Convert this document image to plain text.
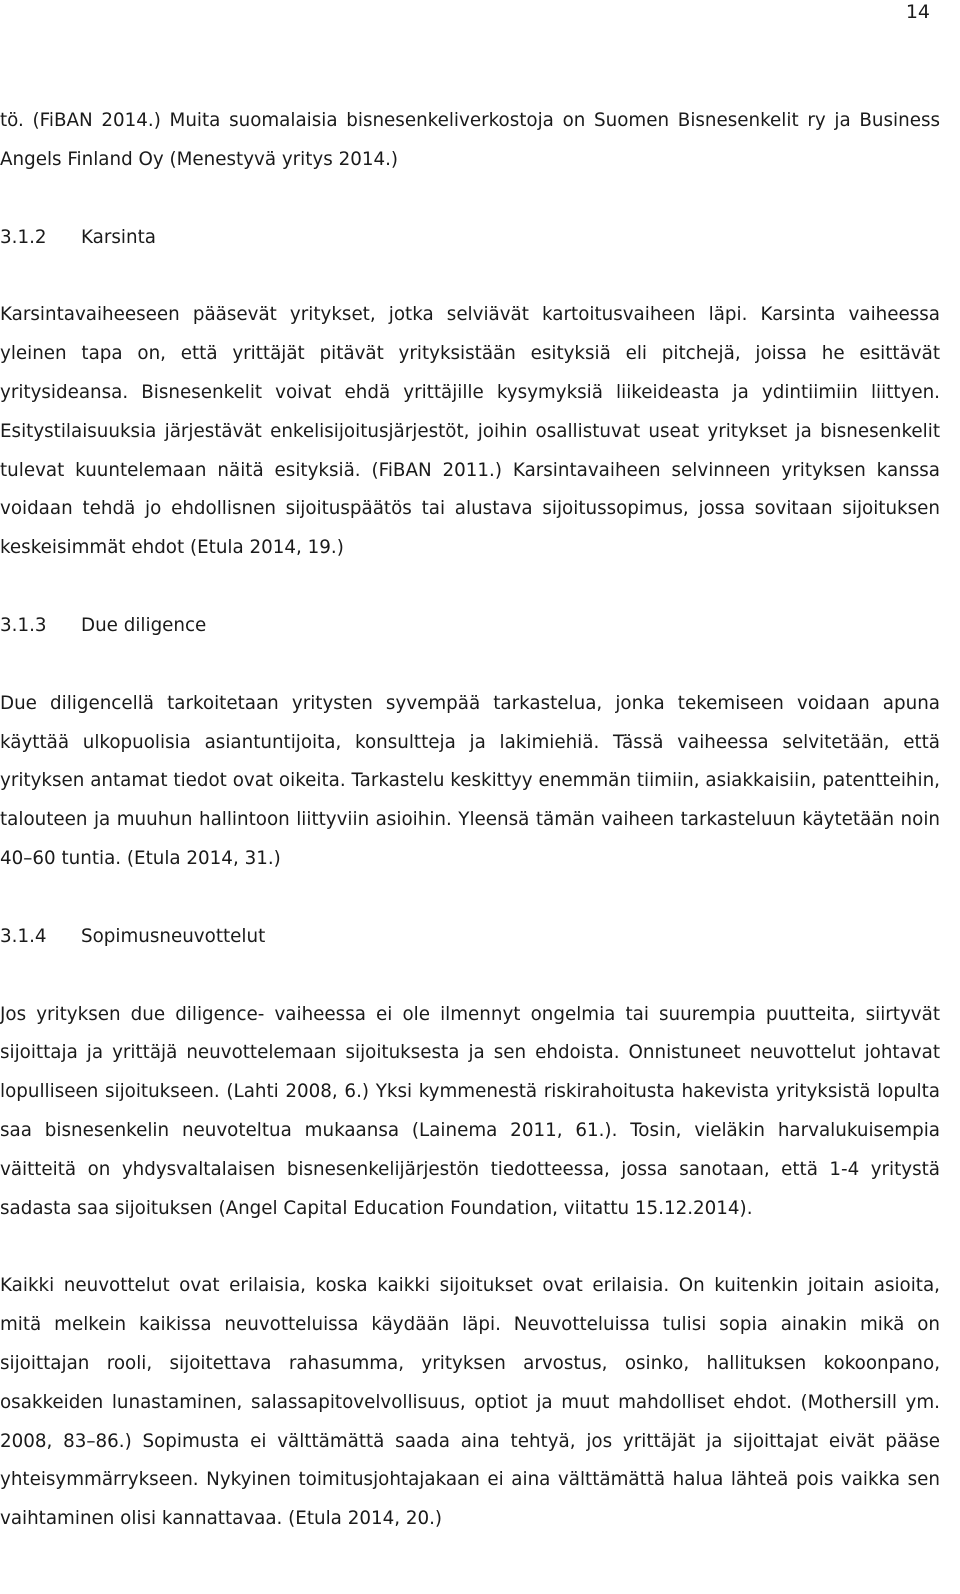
14

tö. (FiBAN 2014.) Muita suomalaisia bisnesenkeliverkostoja on Suomen Bisnesenkelit ry ja Business Angels Finland Oy (Menestyvä yritys 2014.)

3.1.2	Karsinta

Karsintavaiheeseen pääsevät yritykset, jotka selviävät kartoitusvaiheen läpi. Karsinta vaiheessa yleinen tapa on, että yrittäjät pitävät yrityksistään esityksiä eli pitchejä, joissa he esittävät yritysideansa. Bisnesenkelit voivat ehdä yrittäjille kysymyksiä liikeideasta ja ydintiimiin liittyen. Esitystilaisuuksia järjestävät enkelisijoitusjärjestöt, joihin osallistuvat useat yritykset ja bisnesenkelit tulevat kuuntelemaan näitä esityksiä. (FiBAN 2011.) Karsintavaiheen selvinneen yrityksen kanssa voidaan tehdä jo ehdollisnen sijoituspäätös tai alustava sijoitussopimus, jossa sovitaan sijoituksen keskeisimmät ehdot (Etula 2014, 19.)

3.1.3	Due diligence

Due diligencellä tarkoitetaan yritysten syvempää tarkastelua, jonka tekemiseen voidaan apuna käyttää ulkopuolisia asiantuntijoita, konsultteja ja lakimiehiä. Tässä vaiheessa selvitetään, että yrityksen antamat tiedot ovat oikeita. Tarkastelu keskittyy enemmän tiimiin, asiakkaisiin, patentteihin, talouteen ja muuhun hallintoon liittyviin asioihin. Yleensä tämän vaiheen tarkasteluun käytetään noin 40–60 tuntia. (Etula 2014, 31.)

3.1.4	Sopimusneuvottelut

Jos yrityksen due diligence- vaiheessa ei ole ilmennyt ongelmia tai suurempia puutteita, siirtyvät sijoittaja ja yrittäjä neuvottelemaan sijoituksesta ja sen ehdoista. Onnistuneet neuvottelut johtavat lopulliseen sijoitukseen. (Lahti 2008, 6.) Yksi kymmenestä riskirahoitusta hakevista yrityksistä lopulta saa bisnesenkelin neuvoteltua mukaansa (Lainema 2011, 61.). Tosin, vieläkin harvalukuisempia väitteitä on yhdysvaltalaisen bisnesenkelijärjestön tiedotteessa, jossa sanotaan, että 1-4 yritystä sadasta saa sijoituksen (Angel Capital Education Foundation, viitattu 15.12.2014).

Kaikki neuvottelut ovat erilaisia, koska kaikki sijoitukset ovat erilaisia. On kuitenkin joitain asioita, mitä melkein kaikissa neuvotteluissa käydään läpi. Neuvotteluissa tulisi sopia ainakin mikä on sijoittajan rooli, sijoitettava rahasumma, yrityksen arvostus, osinko, hallituksen kokoonpano, osakkeiden lunastaminen, salassapitovelvollisuus, optiot ja muut mahdolliset ehdot. (Mothersill ym. 2008, 83–86.) Sopimusta ei välttämättä saada aina tehtyä, jos yrittäjät ja sijoittajat eivät pääse yhteisymmärrykseen. Nykyinen toimitusjohtajakaan ei aina välttämättä halua lähteä pois vaikka sen vaihtaminen olisi kannattavaa. (Etula 2014, 20.)
